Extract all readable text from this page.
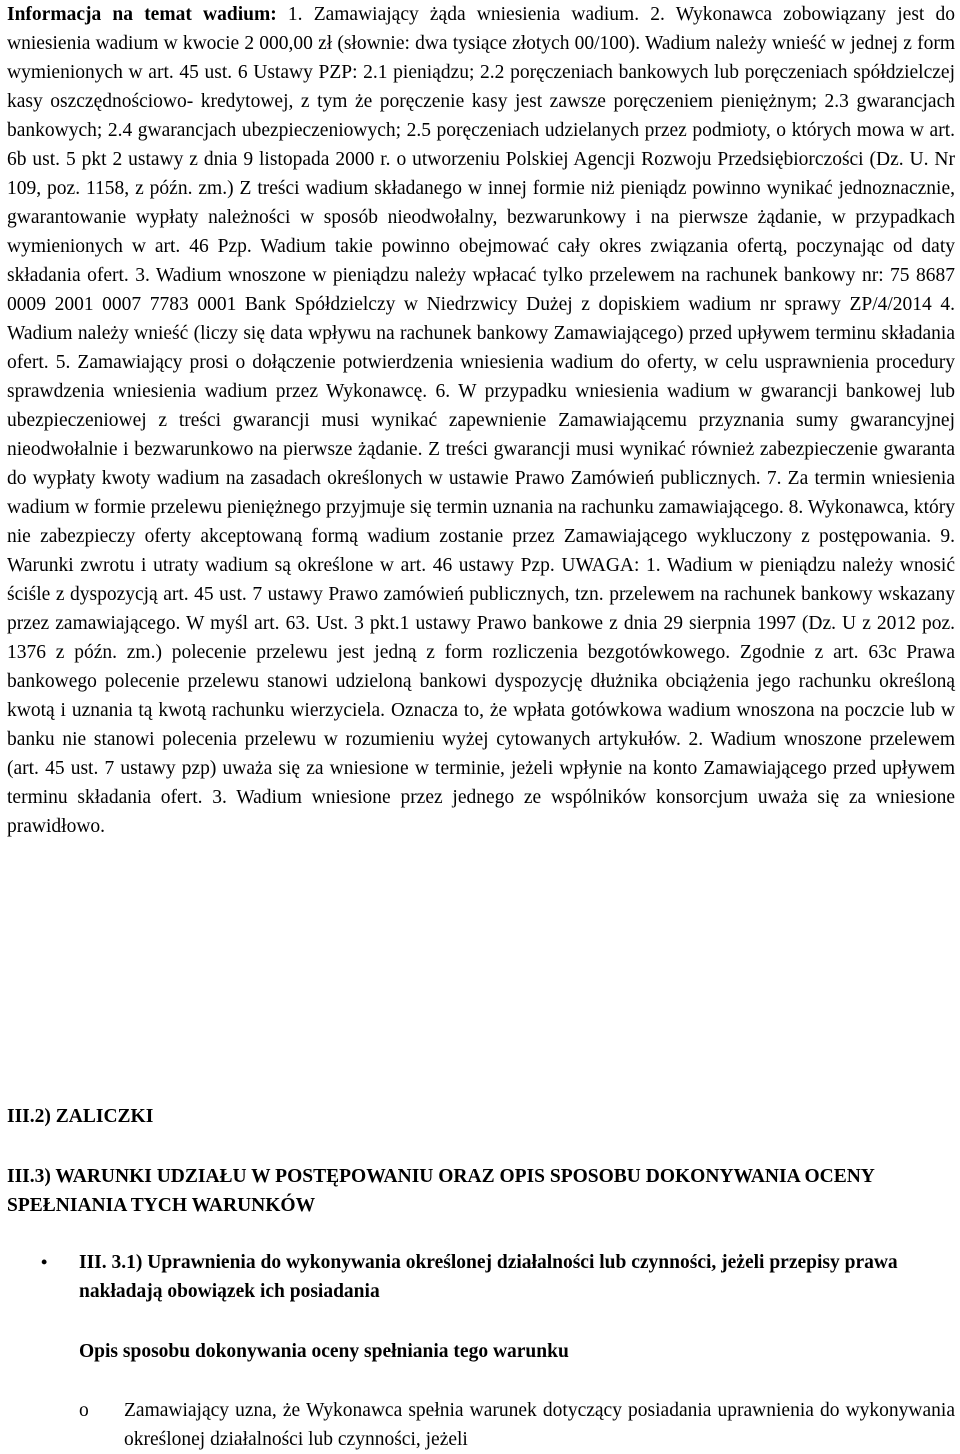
Informacja na temat wadium: 1. Zamawiający żąda wniesienia wadium. 2. Wykonawca zobowiązany jest do wniesienia wadium w kwocie 2 000,00 zł (słownie: dwa tysiące złotych 00/100). Wadium należy wnieść w jednej z form wymienionych w art. 45 ust. 6 Ustawy PZP: 2.1 pieniądzu; 2.2 poręczeniach bankowych lub poręczeniach spółdzielczej kasy oszczędnościowo- kredytowej, z tym że poręczenie kasy jest zawsze poręczeniem pieniężnym; 2.3 gwarancjach bankowych; 2.4 gwarancjach ubezpieczeniowych; 2.5 poręczeniach udzielanych przez podmioty, o których mowa w art. 6b ust. 5 pkt 2 ustawy z dnia 9 listopada 2000 r. o utworzeniu Polskiej Agencji Rozwoju Przedsiębiorczości (Dz. U. Nr 109, poz. 1158, z późn. zm.) Z treści wadium składanego w innej formie niż pieniądz powinno wynikać jednoznacznie, gwarantowanie wypłaty należności w sposób nieodwołalny, bezwarunkowy i na pierwsze żądanie, w przypadkach wymienionych w art. 46 Pzp. Wadium takie powinno obejmować cały okres związania ofertą, poczynając od daty składania ofert. 3. Wadium wnoszone w pieniądzu należy wpłacać tylko przelewem na rachunek bankowy nr: 75 8687 0009 2001 0007 7783 0001 Bank Spółdzielczy w Niedrzwicy Dużej z dopiskiem wadium nr sprawy ZP/4/2014 4. Wadium należy wnieść (liczy się data wpływu na rachunek bankowy Zamawiającego) przed upływem terminu składania ofert. 5. Zamawiający prosi o dołączenie potwierdzenia wniesienia wadium do oferty, w celu usprawnienia procedury sprawdzenia wniesienia wadium przez Wykonawcę. 6. W przypadku wniesienia wadium w gwarancji bankowej lub ubezpieczeniowej z treści gwarancji musi wynikać zapewnienie Zamawiającemu przyznania sumy gwarancyjnej nieodwołalnie i bezwarunkowo na pierwsze żądanie. Z treści gwarancji musi wynikać również zabezpieczenie gwaranta do wypłaty kwoty wadium na zasadach określonych w ustawie Prawo Zamówień publicznych. 7. Za termin wniesienia wadium w formie przelewu pieniężnego przyjmuje się termin uznania na rachunku zamawiającego. 8. Wykonawca, który nie zabezpieczy oferty akceptowaną formą wadium zostanie przez Zamawiającego wykluczony z postępowania. 9. Warunki zwrotu i utraty wadium są określone w art. 46 ustawy Pzp. UWAGA: 1. Wadium w pieniądzu należy wnosić ściśle z dyspozycją art. 45 ust. 7 ustawy Prawo zamówień publicznych, tzn. przelewem na rachunek bankowy wskazany przez zamawiającego. W myśl art. 63. Ust. 3 pkt.1 ustawy Prawo bankowe z dnia 29 sierpnia 1997 (Dz. U z 2012 poz. 1376 z późn. zm.) polecenie przelewu jest jedną z form rozliczenia bezgotówkowego. Zgodnie z art. 63c Prawa bankowego polecenie przelewu stanowi udzieloną bankowi dyspozycję dłużnika obciążenia jego rachunku określoną kwotą i uznania tą kwotą rachunku wierzyciela. Oznacza to, że wpłata gotówkowa wadium wnoszona na poczcie lub w banku nie stanowi polecenia przelewu w rozumieniu wyżej cytowanych artykułów. 2. Wadium wnoszone przelewem (art. 45 ust. 7 ustawy pzp) uważa się za wniesione w terminie, jeżeli wpłynie na konto Zamawiającego przed upływem terminu składania ofert. 3. Wadium wniesione przez jednego ze wspólników konsorcjum uważa się za wniesione prawidłowo.

III.2) ZALICZKI

III.3) WARUNKI UDZIAŁU W POSTĘPOWANIU ORAZ OPIS SPOSOBU DOKONYWANIA OCENY SPEŁNIANIA TYCH WARUNKÓW

• III. 3.1) Uprawnienia do wykonywania określonej działalności lub czynności, jeżeli przepisy prawa nakładają obowiązek ich posiadania
Opis sposobu dokonywania oceny spełniania tego warunku
o Zamawiający uzna, że Wykonawca spełnia warunek dotyczący posiadania uprawnienia do wykonywania określonej działalności lub czynności, jeżeli
